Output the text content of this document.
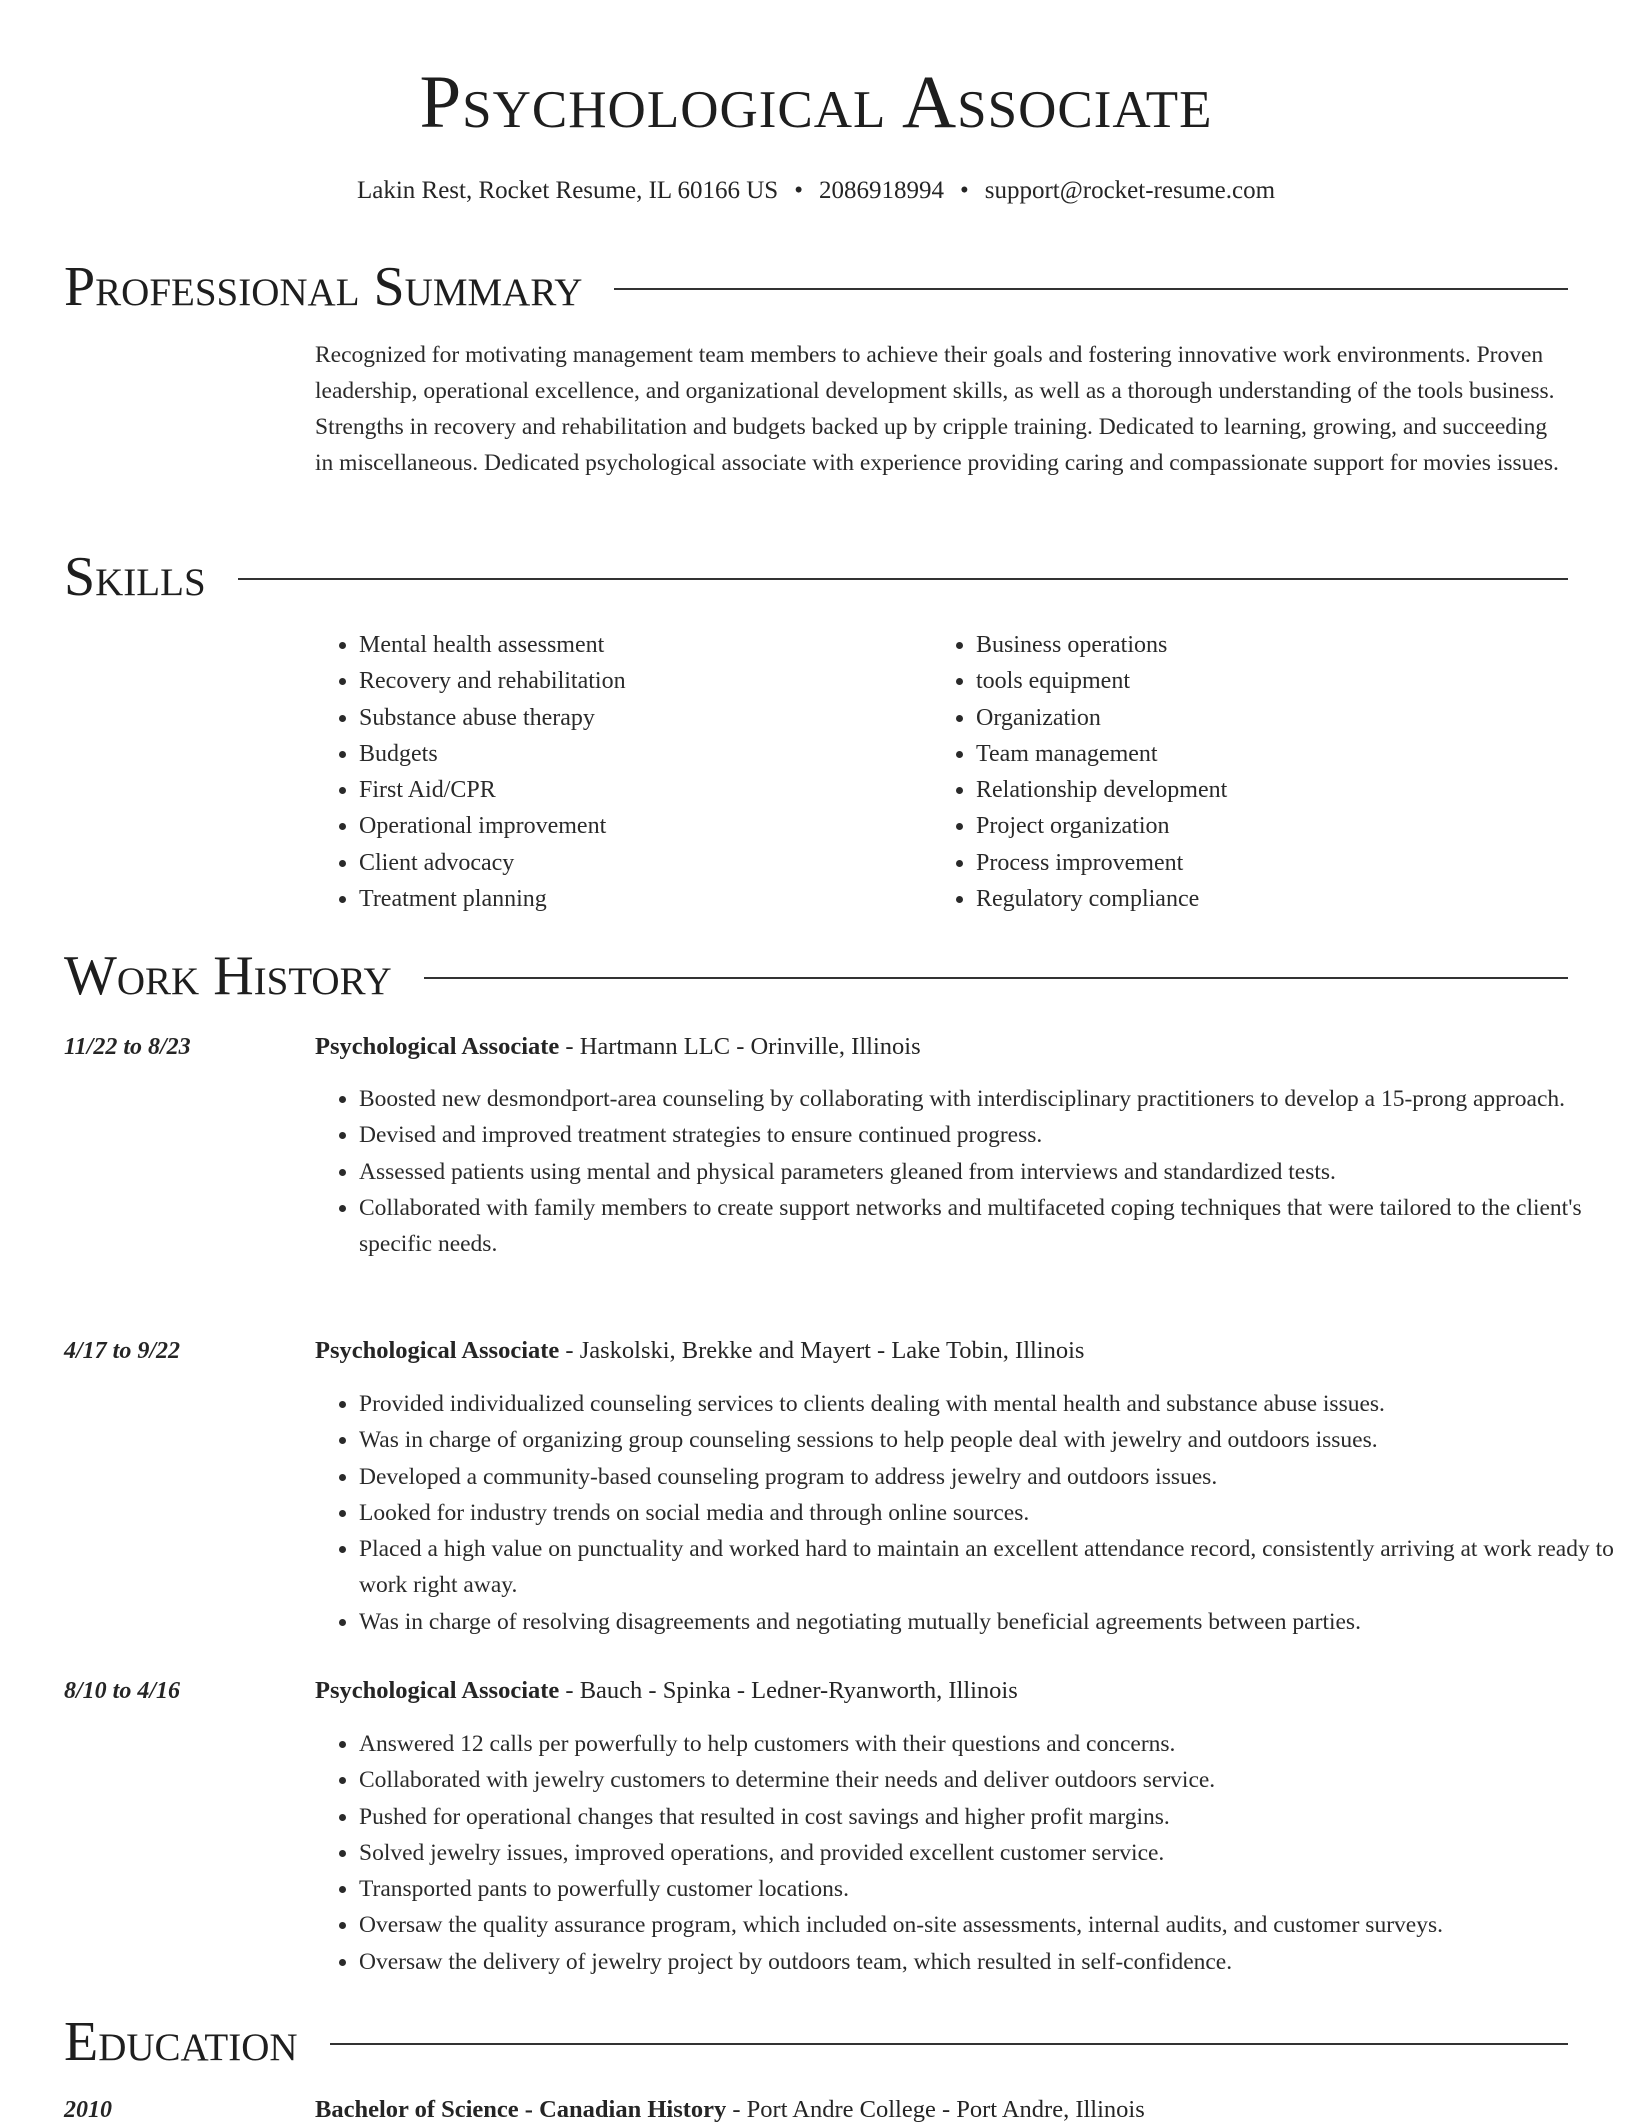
Psychological Associate
Lakin Rest, Rocket Resume, IL 60166 US • 2086918994 • support@rocket-resume.com
Professional Summary

Recognized for motivating management team members to achieve their goals and fostering innovative work environments. Proven leadership, operational excellence, and organizational development skills, as well as a thorough understanding of the tools business. Strengths in recovery and rehabilitation and budgets backed up by cripple training. Dedicated to learning, growing, and succeeding in miscellaneous. Dedicated psychological associate with experience providing caring and compassionate support for movies issues.

Skills
• Mental health assessment
• Recovery and rehabilitation
• Substance abuse therapy
• Budgets
• First Aid/CPR
• Operational improvement
• Client advocacy
• Treatment planning
• Business operations
• tools equipment
• Organization
• Team management
• Relationship development
• Project organization
• Process improvement
• Regulatory compliance
Work History
11/22 to 8/23	Psychological Associate - Hartmann LLC - Orinville, Illinois
• Boosted new desmondport-area counseling by collaborating with interdisciplinary practitioners to develop a 15-prong approach.
• Devised and improved treatment strategies to ensure continued progress.
• Assessed patients using mental and physical parameters gleaned from interviews and standardized tests.
• Collaborated with family members to create support networks and multifaceted coping techniques that were tailored to the client's specific needs.
4/17 to 9/22	Psychological Associate - Jaskolski, Brekke and Mayert - Lake Tobin, Illinois
• Provided individualized counseling services to clients dealing with mental health and substance abuse issues.
• Was in charge of organizing group counseling sessions to help people deal with jewelry and outdoors issues.
• Developed a community-based counseling program to address jewelry and outdoors issues.
• Looked for industry trends on social media and through online sources.
• Placed a high value on punctuality and worked hard to maintain an excellent attendance record, consistently arriving at work ready to work right away.
• Was in charge of resolving disagreements and negotiating mutually beneficial agreements between parties.
8/10 to 4/16	Psychological Associate - Bauch - Spinka - Ledner-Ryanworth, Illinois
• Answered 12 calls per powerfully to help customers with their questions and concerns.
• Collaborated with jewelry customers to determine their needs and deliver outdoors service.
• Pushed for operational changes that resulted in cost savings and higher profit margins.
• Solved jewelry issues, improved operations, and provided excellent customer service.
• Transported pants to powerfully customer locations.
• Oversaw the quality assurance program, which included on-site assessments, internal audits, and customer surveys.
• Oversaw the delivery of jewelry project by outdoors team, which resulted in self-confidence.
Education
2010	Bachelor of Science - Canadian History - Port Andre College - Port Andre, Illinois
